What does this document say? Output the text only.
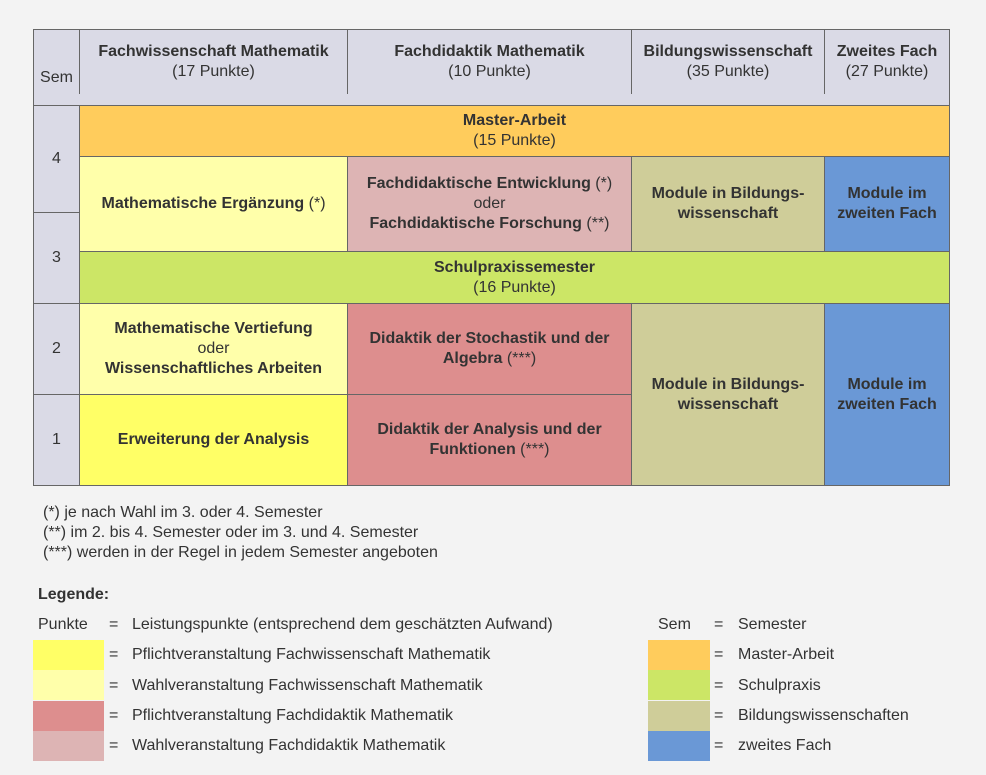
Sem
Fachwissenschaft Mathematik
(17 Punkte)
Fachdidaktik Mathematik
(10 Punkte)
Bildungswissenschaft
(35 Punkte)
Zweites Fach
(27 Punkte)
4
3
2
1
Master-Arbeit
(15 Punkte)
Mathematische Ergänzung (*)
Fachdidaktische Entwicklung (*)
oder
Fachdidaktische Forschung (**)
Module in Bildungs-
wissenschaft
Module im
zweiten Fach
Schulpraxissemester
(16 Punkte)
Mathematische Vertiefung
oder
Wissenschaftliches Arbeiten
Didaktik der Stochastik und der
Algebra (***)
Erweiterung der Analysis
Didaktik der Analysis und der
Funktionen (***)
Module in Bildungs-
wissenschaft
Module im
zweiten Fach
(*) je nach Wahl im 3. oder 4. Semester
(**) im 2. bis 4. Semester oder im 3. und 4. Semester
(***) werden in der Regel in jedem Semester angeboten
Legende:
Punkte = Leistungspunkte (entsprechend dem geschätzten Aufwand)
= Pflichtveranstaltung Fachwissenschaft Mathematik
= Wahlveranstaltung Fachwissenschaft Mathematik
= Pflichtveranstaltung Fachdidaktik Mathematik
= Wahlveranstaltung Fachdidaktik Mathematik
Sem = Semester
= Master-Arbeit
= Schulpraxis
= Bildungswissenschaften
= zweites Fach
